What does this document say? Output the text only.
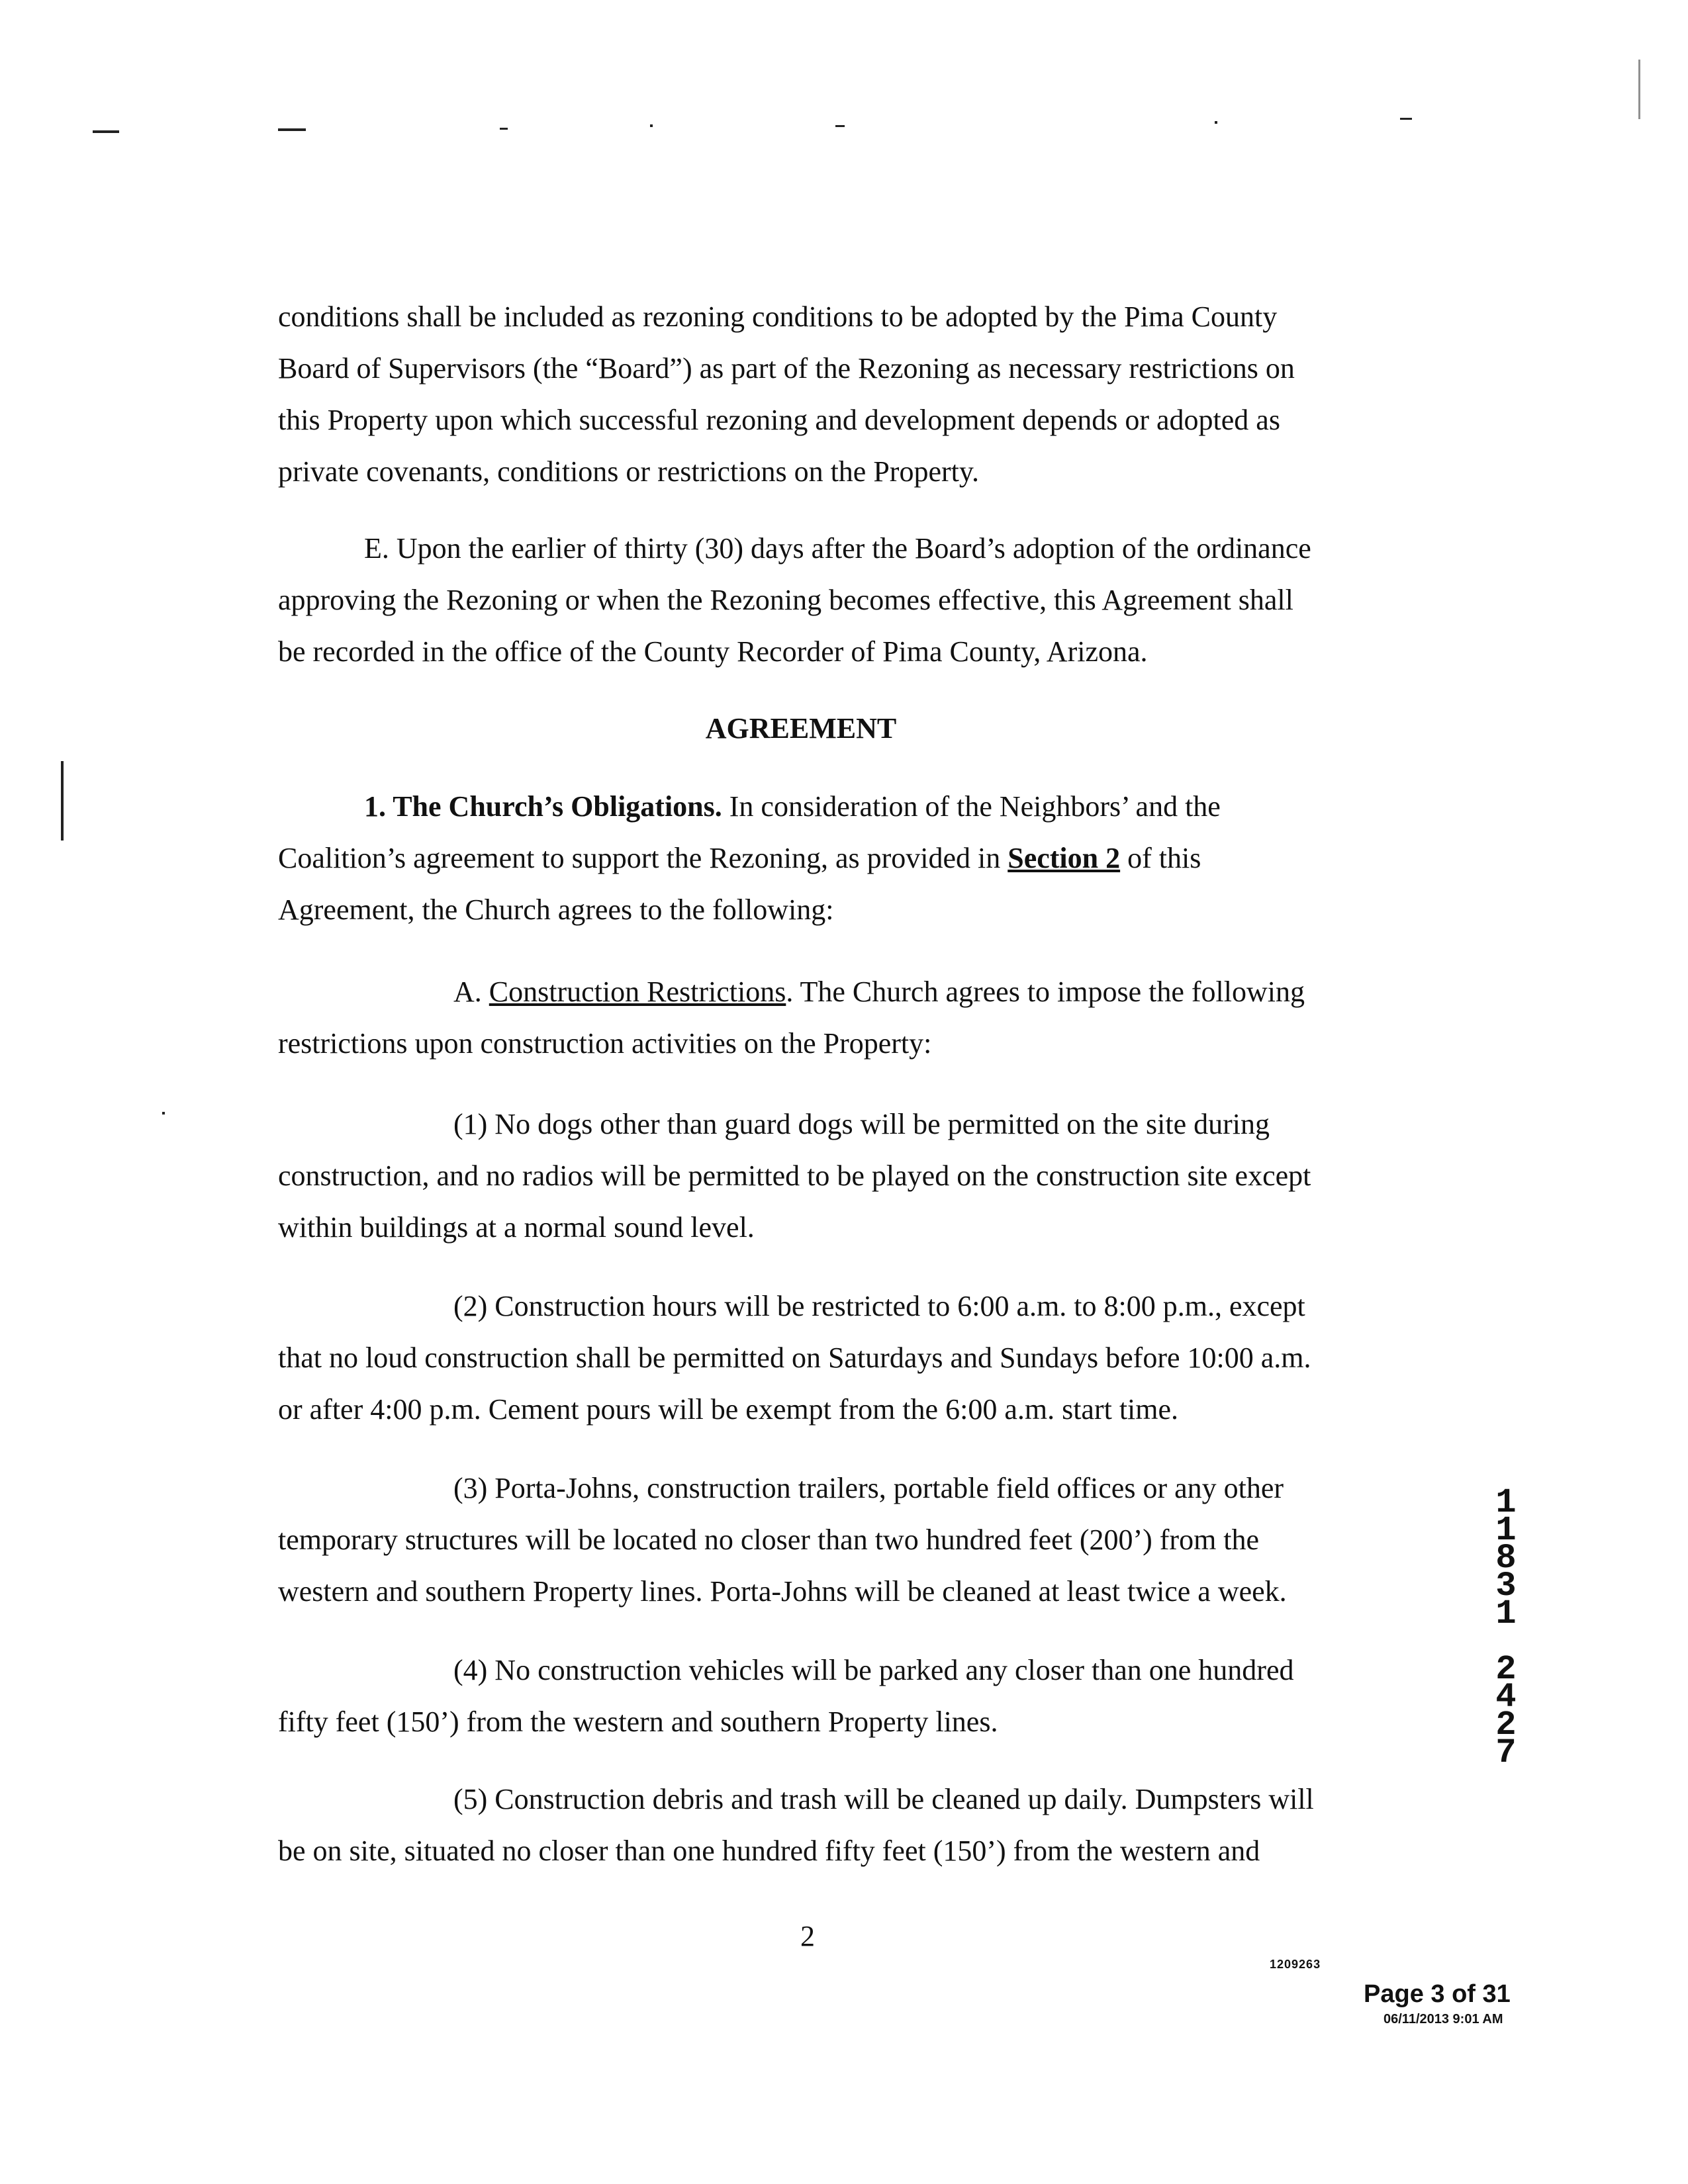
conditions shall be included as rezoning conditions to be adopted by the Pima County Board of Supervisors (the “Board”) as part of the Rezoning as necessary restrictions on this Property upon which successful rezoning and development depends or adopted as private covenants, conditions or restrictions on the Property.

E. Upon the earlier of thirty (30) days after the Board’s adoption of the ordinance approving the Rezoning or when the Rezoning becomes effective, this Agreement shall be recorded in the office of the County Recorder of Pima County, Arizona.

AGREEMENT

1. The Church’s Obligations. In consideration of the Neighbors’ and the Coalition’s agreement to support the Rezoning, as provided in Section 2 of this Agreement, the Church agrees to the following:

A. Construction Restrictions. The Church agrees to impose the following restrictions upon construction activities on the Property:

(1) No dogs other than guard dogs will be permitted on the site during construction, and no radios will be permitted to be played on the construction site except within buildings at a normal sound level.

(2) Construction hours will be restricted to 6:00 a.m. to 8:00 p.m., except that no loud construction shall be permitted on Saturdays and Sundays before 10:00 a.m. or after 4:00 p.m. Cement pours will be exempt from the 6:00 a.m. start time.

(3) Porta-Johns, construction trailers, portable field offices or any other temporary structures will be located no closer than two hundred feet (200’) from the western and southern Property lines. Porta-Johns will be cleaned at least twice a week.

(4) No construction vehicles will be parked any closer than one hundred fifty feet (150’) from the western and southern Property lines.

(5) Construction debris and trash will be cleaned up daily. Dumpsters will be on site, situated no closer than one hundred fifty feet (150’) from the western and

2
1209263
1
1
8
3
1
2
4
2
7
Page 3 of 31
06/11/2013 9:01 AM
